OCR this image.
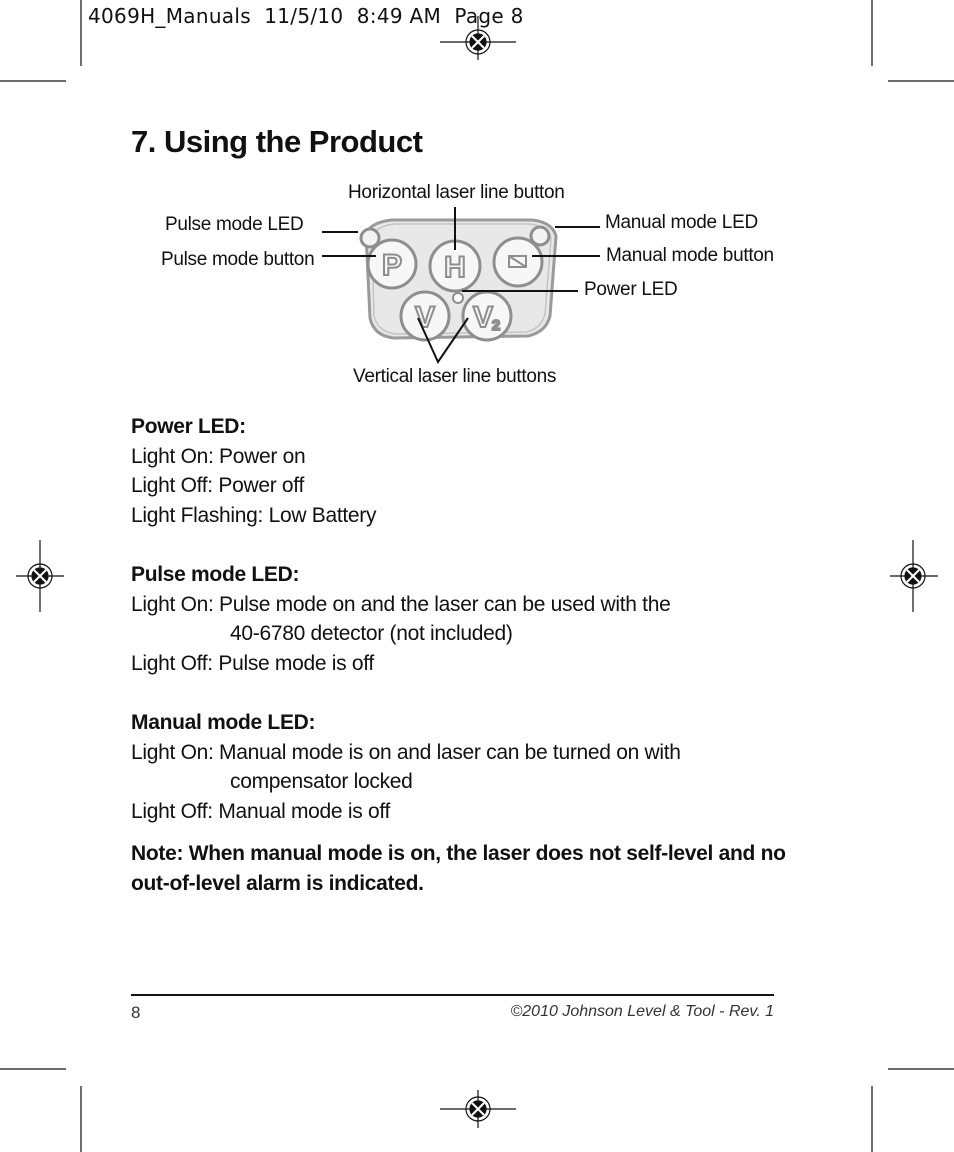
4069H_Manuals  11/5/10  8:49 AM  Page 8
7. Using the Product
P H
V V
2
Horizontal laser line button
Pulse mode LED
Pulse mode button
Manual mode LED
Manual mode button
Power LED
Vertical laser line buttons
Power LED:
Light On: Power on
Light Off: Power off
Light Flashing: Low Battery
Pulse mode LED:
Light On: Pulse mode on and the laser can be used with the
40-6780 detector (not included)
Light Off: Pulse mode is off
Manual mode LED:
Light On: Manual mode is on and laser can be turned on with
compensator locked
Light Off: Manual mode is off
Note: When manual mode is on, the laser does not self-level and no out-of-level alarm is indicated.
8	©2010 Johnson Level & Tool - Rev. 1
